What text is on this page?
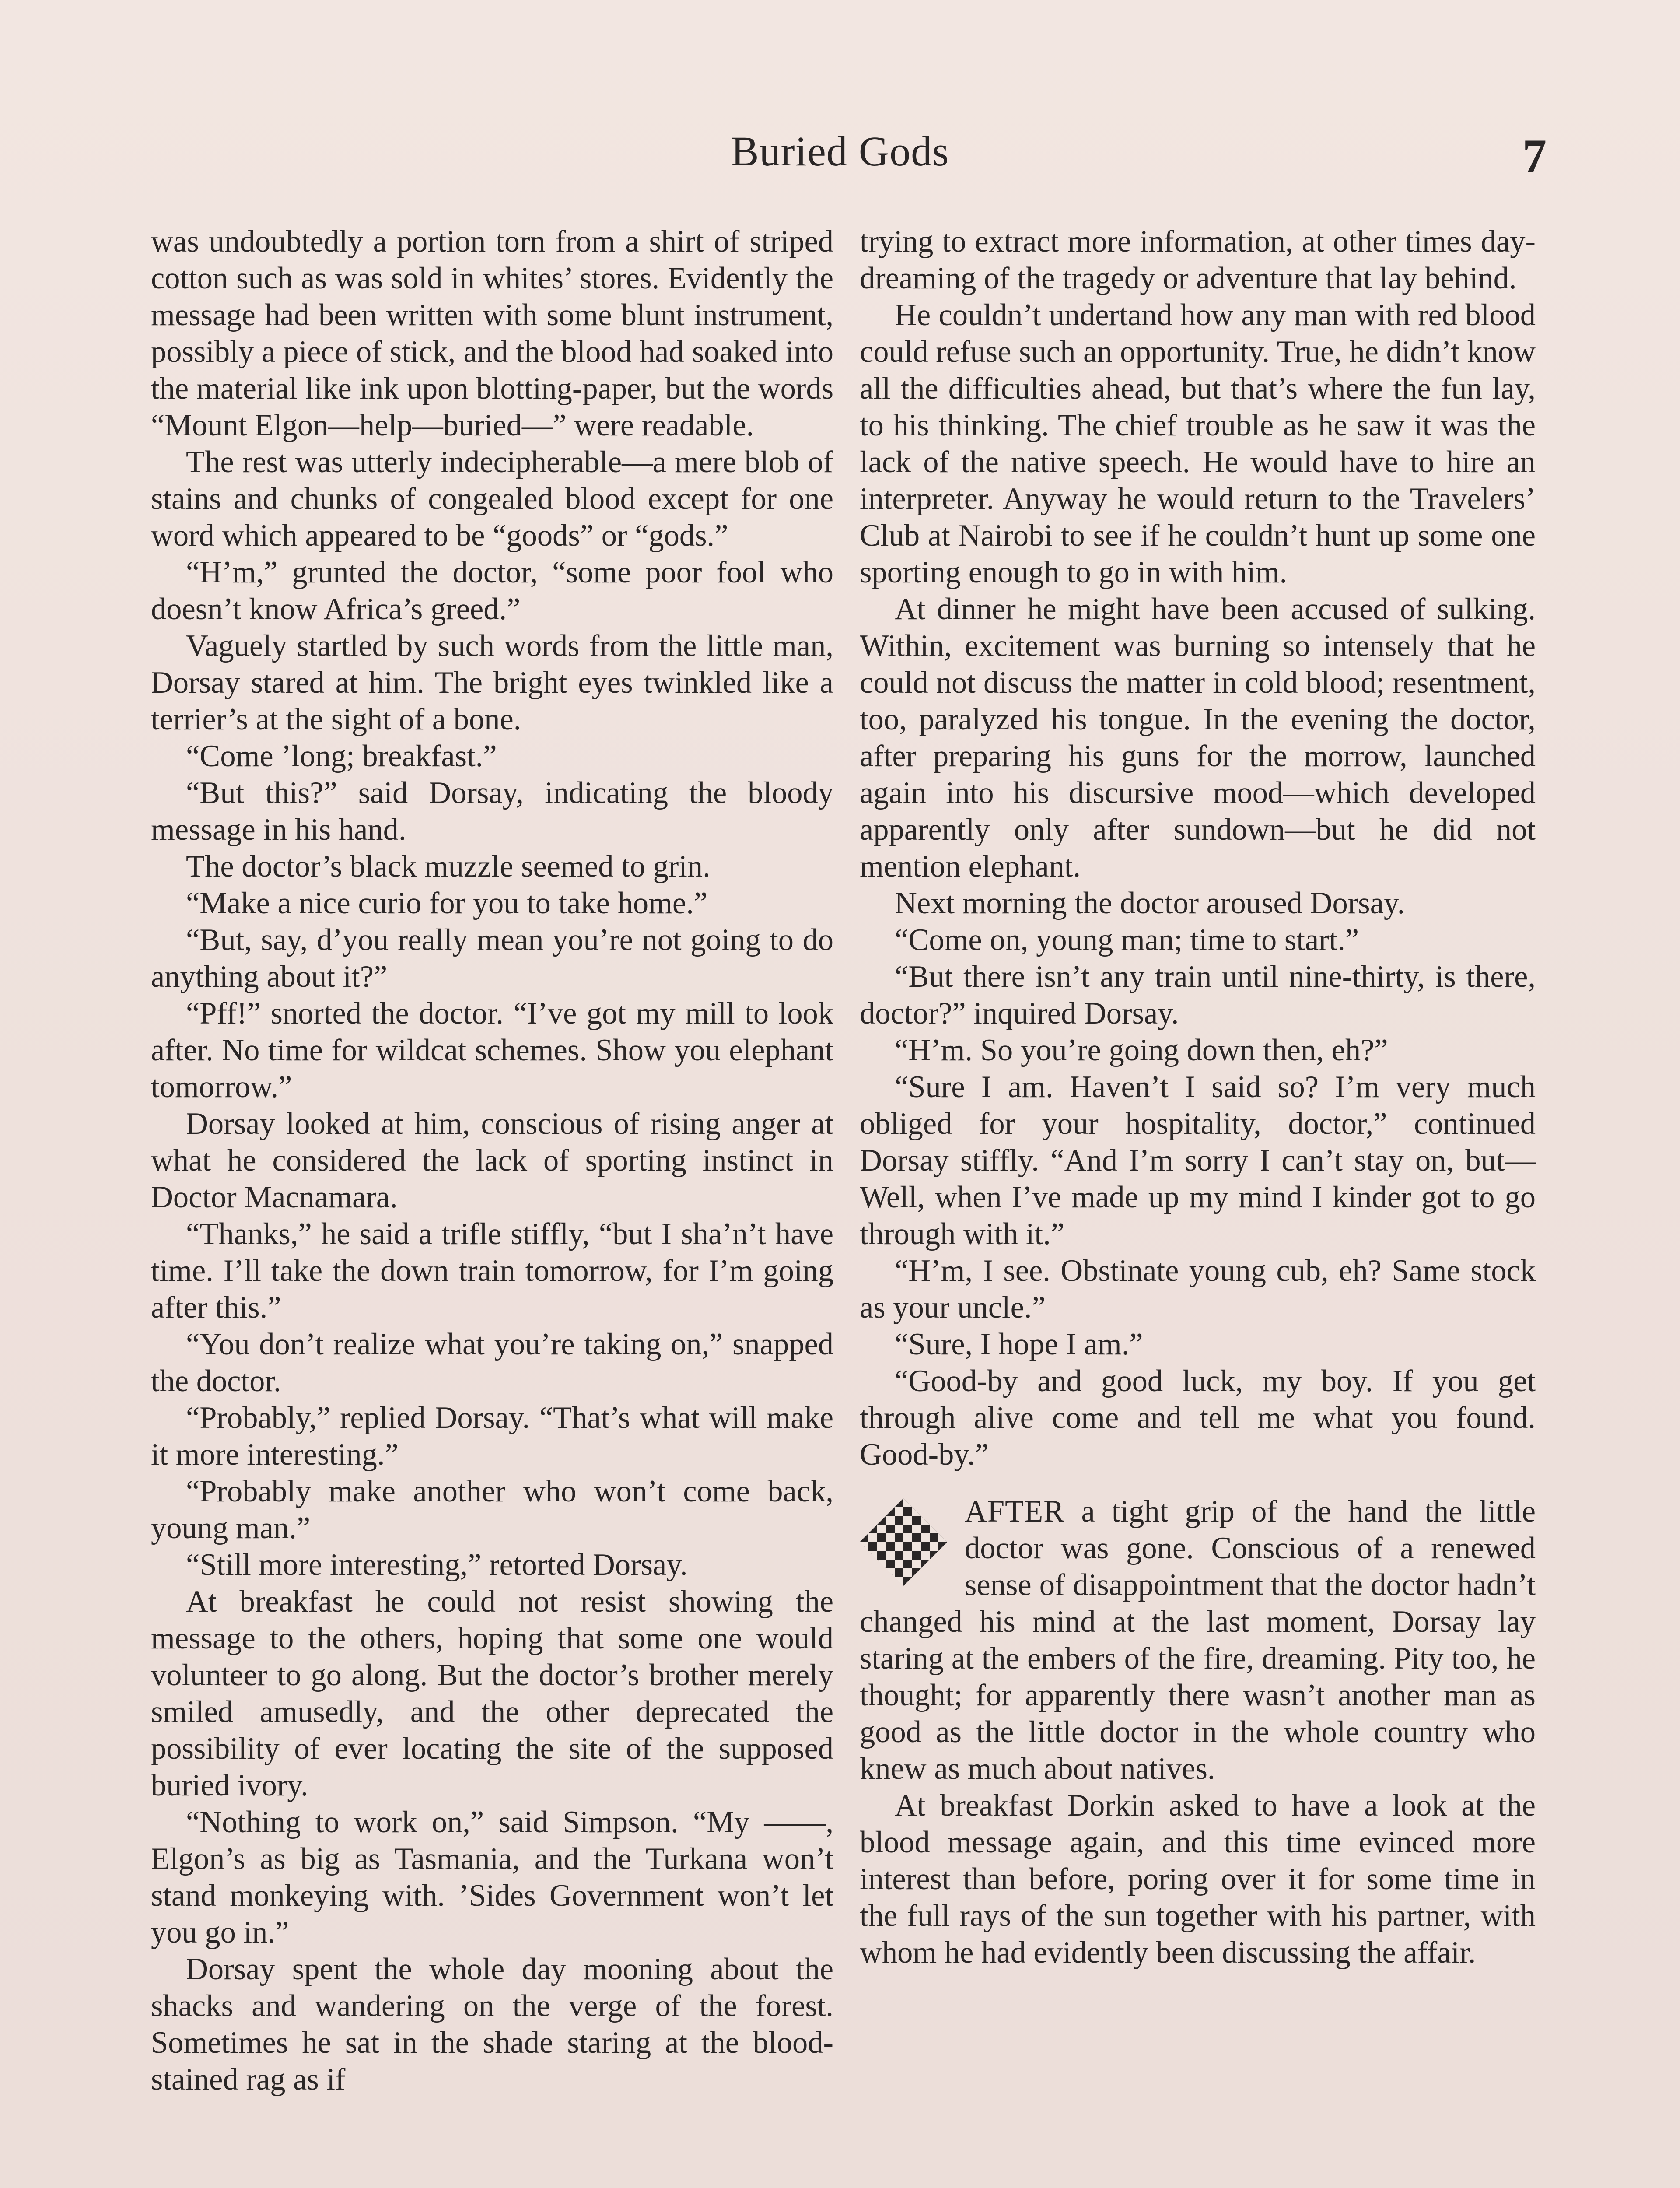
Buried Gods	7

was undoubtedly a portion torn from a shirt of striped cotton such as was sold in whites’ stores. Evidently the message had been written with some blunt instrument, possibly a piece of stick, and the blood had soaked into the material like ink upon blotting-paper, but the words “Mount Elgon—help—buried—” were readable.

The rest was utterly indecipherable—a mere blob of stains and chunks of congealed blood except for one word which appeared to be “goods” or “gods.”

“H’m,” grunted the doctor, “some poor fool who doesn’t know Africa’s greed.”

Vaguely startled by such words from the little man, Dorsay stared at him. The bright eyes twinkled like a terrier’s at the sight of a bone.

“Come ’long; breakfast.”

“But this?” said Dorsay, indicating the bloody message in his hand.

The doctor’s black muzzle seemed to grin.

“Make a nice curio for you to take home.”

“But, say, d’you really mean you’re not going to do anything about it?”

“Pff!” snorted the doctor. “I’ve got my mill to look after. No time for wildcat schemes. Show you elephant tomorrow.”

Dorsay looked at him, conscious of rising anger at what he considered the lack of sporting instinct in Doctor Macnamara.

“Thanks,” he said a trifle stiffly, “but I sha’n’t have time. I’ll take the down train tomorrow, for I’m going after this.”

“You don’t realize what you’re taking on,” snapped the doctor.

“Probably,” replied Dorsay. “That’s what will make it more interesting.”

“Probably make another who won’t come back, young man.”

“Still more interesting,” retorted Dorsay.

At breakfast he could not resist showing the message to the others, hoping that some one would volunteer to go along. But the doctor’s brother merely smiled amusedly, and the other deprecated the possibility of ever locating the site of the supposed buried ivory.

“Nothing to work on,” said Simpson. “My ——, Elgon’s as big as Tasmania, and the Turkana won’t stand monkeying with. ’Sides Government won’t let you go in.”

Dorsay spent the whole day mooning about the shacks and wandering on the verge of the forest. Sometimes he sat in the shade staring at the blood-stained rag as if

trying to extract more information, at other times day-dreaming of the tragedy or adventure that lay behind.

He couldn’t undertand how any man with red blood could refuse such an opportunity. True, he didn’t know all the difficulties ahead, but that’s where the fun lay, to his thinking. The chief trouble as he saw it was the lack of the native speech. He would have to hire an interpreter. Anyway he would return to the Travelers’ Club at Nairobi to see if he couldn’t hunt up some one sporting enough to go in with him.

At dinner he might have been accused of sulking. Within, excitement was burning so intensely that he could not discuss the matter in cold blood; resentment, too, paralyzed his tongue. In the evening the doctor, after preparing his guns for the morrow, launched again into his discursive mood—which developed apparently only after sundown—but he did not mention elephant.

Next morning the doctor aroused Dorsay.

“Come on, young man; time to start.”

“But there isn’t any train until nine-thirty, is there, doctor?” inquired Dorsay.

“H’m. So you’re going down then, eh?”

“Sure I am. Haven’t I said so? I’m very much obliged for your hospitality, doctor,” continued Dorsay stiffly. “And I’m sorry I can’t stay on, but— Well, when I’ve made up my mind I kinder got to go through with it.”

“H’m, I see. Obstinate young cub, eh? Same stock as your uncle.”

“Sure, I hope I am.”

“Good-by and good luck, my boy. If you get through alive come and tell me what you found. Good-by.”

AFTER a tight grip of the hand the little doctor was gone. Conscious of a renewed sense of disappointment that the doctor hadn’t changed his mind at the last moment, Dorsay lay staring at the embers of the fire, dreaming. Pity too, he thought; for apparently there wasn’t another man as good as the little doctor in the whole country who knew as much about natives.

At breakfast Dorkin asked to have a look at the blood message again, and this time evinced more interest than before, poring over it for some time in the full rays of the sun together with his partner, with whom he had evidently been discussing the affair.
